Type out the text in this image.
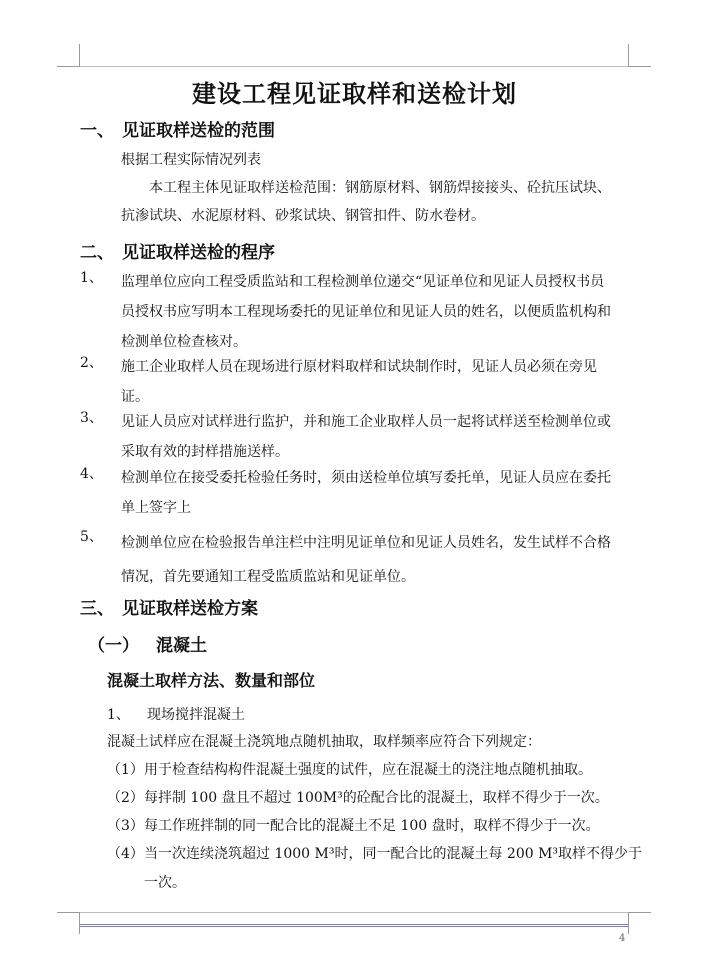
建设工程见证取样和送检计划
一、 见证取样送检的范围
根据工程实际情况列表
本工程主体见证取样送检范围：钢筋原材料、钢筋焊接接头、砼抗压试块、
抗渗试块、水泥原材料、砂浆试块、钢管扣件、防水卷材。
二、 见证取样送检的程序
1、 监理单位应向工程受质监站和工程检测单位递交“见证单位和见证人员授权书员
员授权书应写明本工程现场委托的见证单位和见证人员的姓名，以便质监机构和
检测单位检查核对。
2、 施工企业取样人员在现场进行原材料取样和试块制作时，见证人员必须在旁见
证。
3、 见证人员应对试样进行监护，并和施工企业取样人员一起将试样送至检测单位或
采取有效的封样措施送样。
4、 检测单位在接受委托检验任务时，须由送检单位填写委托单，见证人员应在委托
单上签字上
5、 检测单位应在检验报告单注栏中注明见证单位和见证人员姓名，发生试样不合格
情况，首先要通知工程受监质监站和见证单位。
三、 见证取样送检方案
（一） 混凝土
混凝土取样方法、数量和部位
1、 现场搅拌混凝土
混凝土试样应在混凝土浇筑地点随机抽取，取样频率应符合下列规定：
（1）用于检查结构构件混凝土强度的试件，应在混凝土的浇注地点随机抽取。
（2）每拌制 100 盘且不超过 100M³的砼配合比的混凝土，取样不得少于一次。
（3）每工作班拌制的同一配合比的混凝土不足 100 盘时，取样不得少于一次。
（4）当一次连续浇筑超过 1000 M³时，同一配合比的混凝土每 200 M³取样不得少于
一次。
4
